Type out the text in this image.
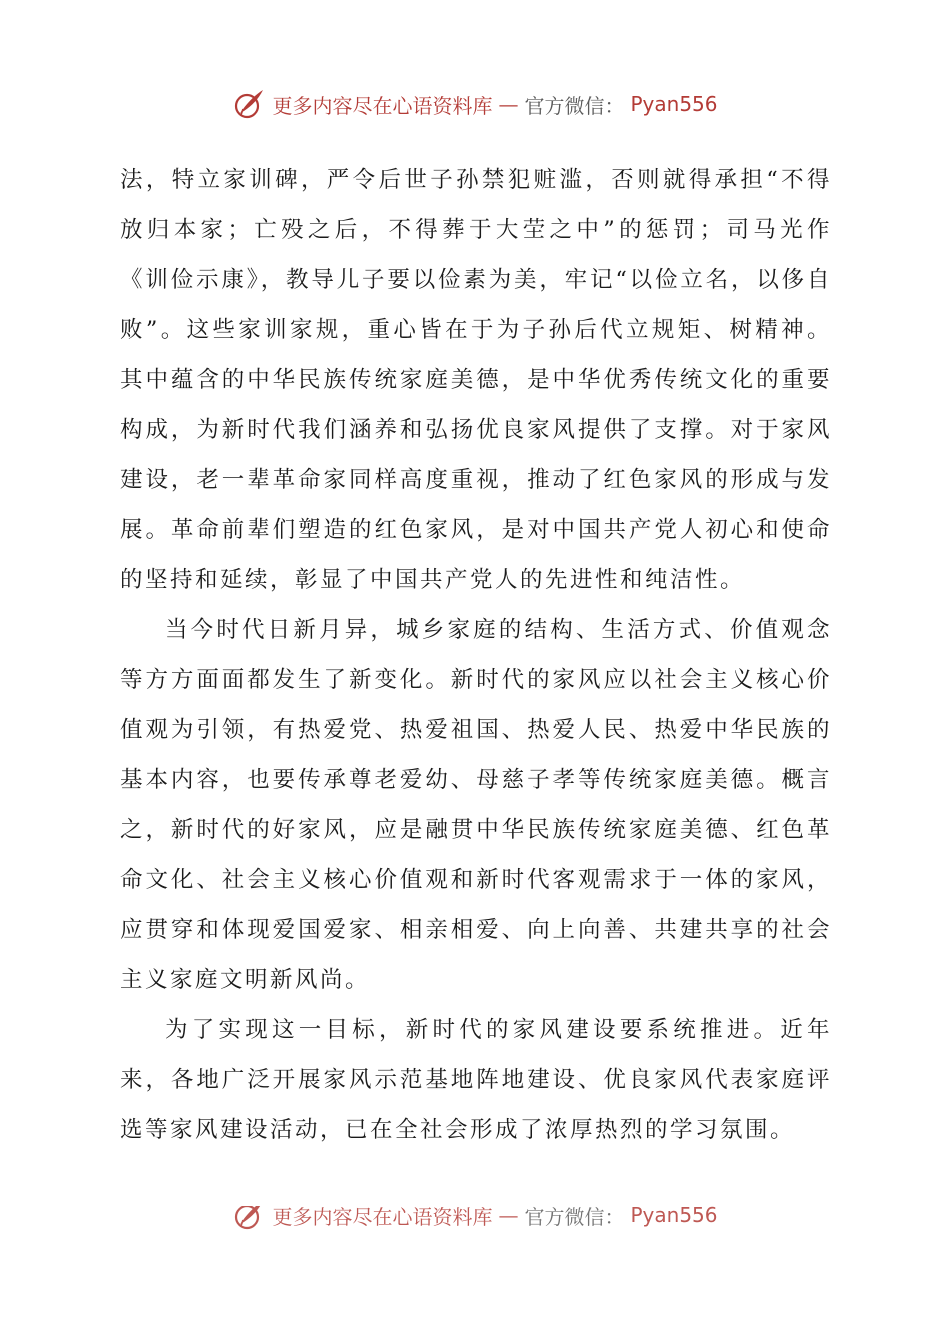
更多内容尽在心语资料库 — 官方微信： Pyan556

法，特立家训碑，严令后世子孙禁犯赃滥，否则就得承担“不得放归本家；亡殁之后，不得葬于大茔之中”的惩罚；司马光作《训俭示康》，教导儿子要以俭素为美，牢记“以俭立名，以侈自败”。这些家训家规，重心皆在于为子孙后代立规矩、树精神。其中蕴含的中华民族传统家庭美德，是中华优秀传统文化的重要构成，为新时代我们涵养和弘扬优良家风提供了支撑。对于家风建设，老一辈革命家同样高度重视，推动了红色家风的形成与发展。革命前辈们塑造的红色家风，是对中国共产党人初心和使命的坚持和延续，彰显了中国共产党人的先进性和纯洁性。

当今时代日新月异，城乡家庭的结构、生活方式、价值观念等方方面面都发生了新变化。新时代的家风应以社会主义核心价值观为引领，有热爱党、热爱祖国、热爱人民、热爱中华民族的基本内容，也要传承尊老爱幼、母慈子孝等传统家庭美德。概言之，新时代的好家风，应是融贯中华民族传统家庭美德、红色革命文化、社会主义核心价值观和新时代客观需求于一体的家风，应贯穿和体现爱国爱家、相亲相爱、向上向善、共建共享的社会主义家庭文明新风尚。

为了实现这一目标，新时代的家风建设要系统推进。近年来，各地广泛开展家风示范基地阵地建设、优良家风代表家庭评选等家风建设活动，已在全社会形成了浓厚热烈的学习氛围。

更多内容尽在心语资料库 — 官方微信： Pyan556
